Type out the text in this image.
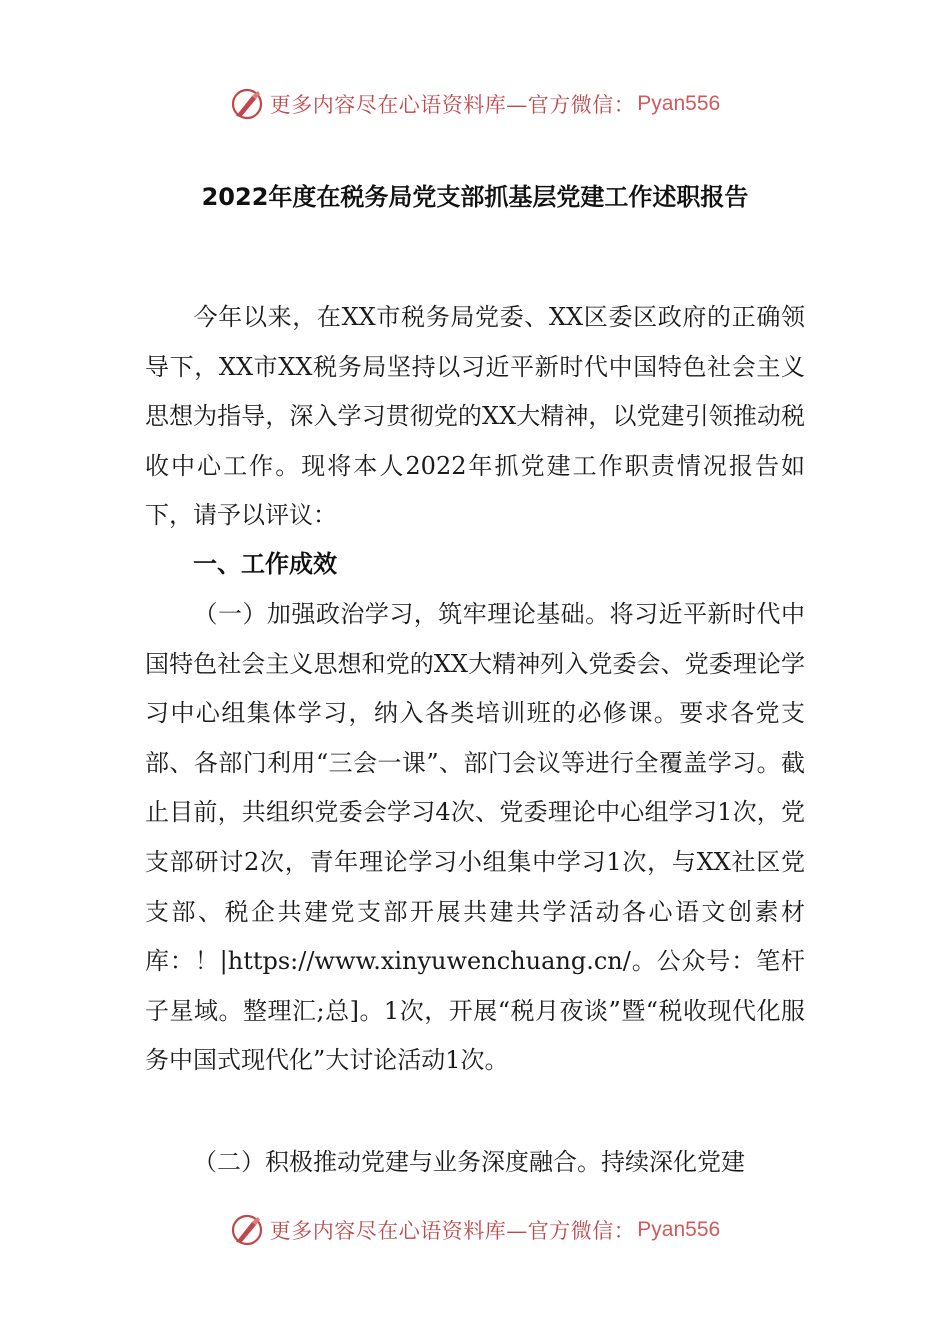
更多内容尽在心语资料库—官方微信： Pyan556
2022年度在税务局党支部抓基层党建工作述职报告
今年以来，在XX市税务局党委、XX区委区政府的正确领导下，XX市XX税务局坚持以习近平新时代中国特色社会主义思想为指导，深入学习贯彻党的XX大精神，以党建引领推动税收中心工作。现将本人2022年抓党建工作职责情况报告如下，请予以评议：
一、工作成效
（一）加强政治学习，筑牢理论基础。将习近平新时代中国特色社会主义思想和党的XX大精神列入党委会、党委理论学习中心组集体学习，纳入各类培训班的必修课。要求各党支部、各部门利用“三会一课”、部门会议等进行全覆盖学习。截止目前，共组织党委会学习4次、党委理论中心组学习1次，党支部研讨2次，青年理论学习小组集中学习1次，与XX社区党支部、税企共建党支部开展共建共学活动各心语文创素材库：！|https://www.xinyuwenchuang.cn/。公众号：笔杆子星域。整理汇;总]。1次，开展“税月夜谈”暨“税收现代化服务中国式现代化”大讨论活动1次。
（二）积极推动党建与业务深度融合。持续深化党建
更多内容尽在心语资料库—官方微信： Pyan556
